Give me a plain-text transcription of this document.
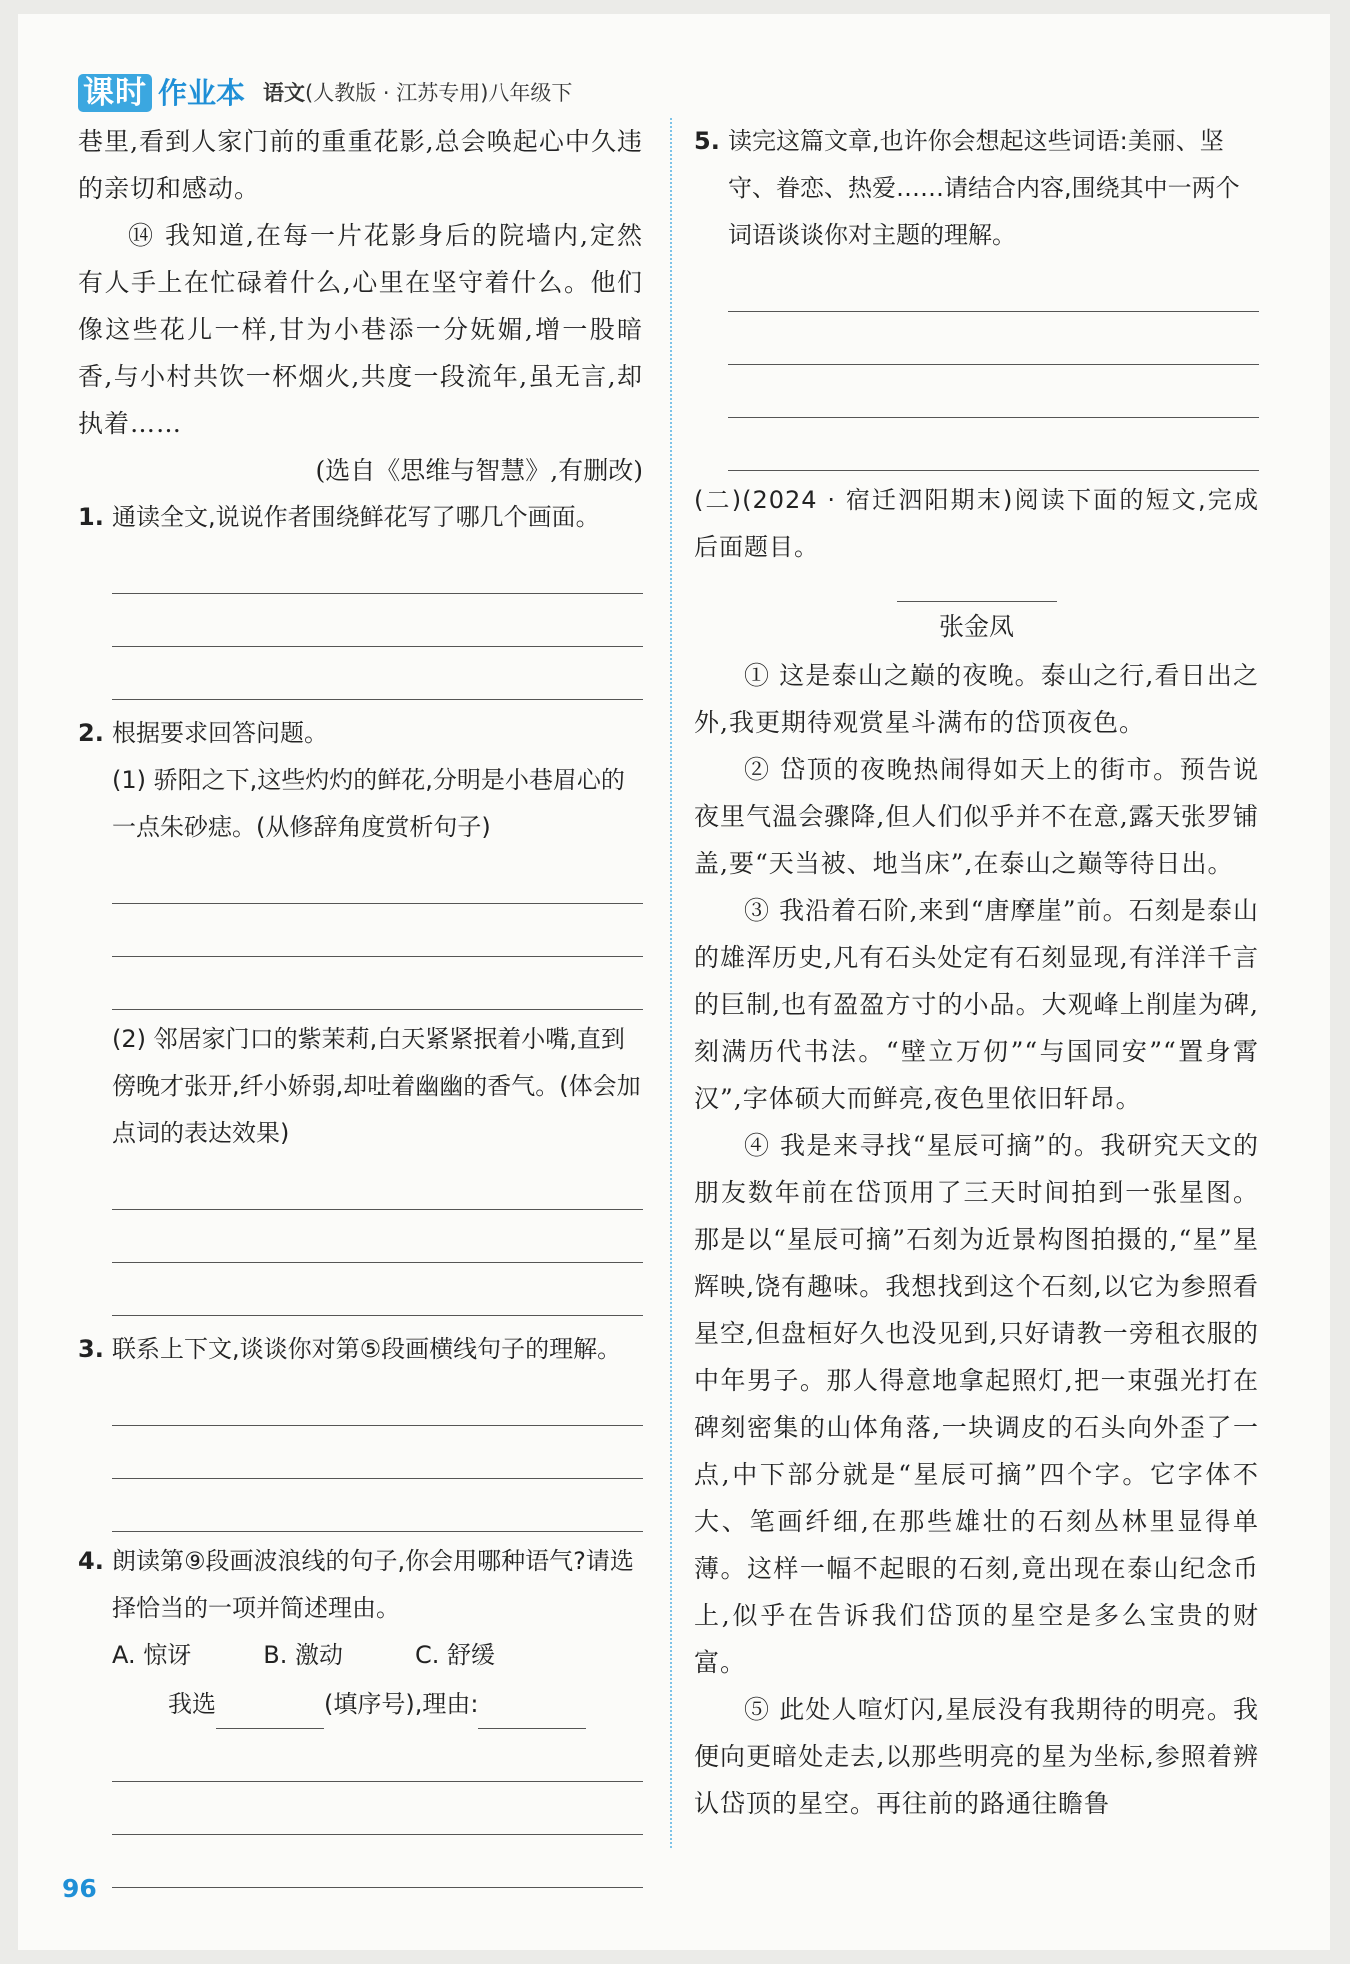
课时 作业本 语文(人教版 · 江苏专用)八年级下

巷里,看到人家门前的重重花影,总会唤起心中久违的亲切和感动。

⑭ 我知道,在每一片花影身后的院墙内,定然有人手上在忙碌着什么,心里在坚守着什么。他们像这些花儿一样,甘为小巷添一分妩媚,增一股暗香,与小村共饮一杯烟火,共度一段流年,虽无言,却执着……

(选自《思维与智慧》,有删改)

1. 通读全文,说说作者围绕鲜花写了哪几个画面。
2. 根据要求回答问题。
(1) 骄阳之下,这些灼灼的鲜花,分明是小巷眉心的一点朱砂痣。(从修辞角度赏析句子)
(2) 邻居家门口的紫茉莉,白天紧紧抿着小嘴,直到傍晚才张开,纤小娇弱,却吐着幽幽的香气。(体会加点词的表达效果)
3. 联系上下文,谈谈你对第⑤段画横线句子的理解。
4. 朗读第⑨段画波浪线的句子,你会用哪种语气?请选择恰当的一项并简述理由。
A. 惊讶	B. 激动	C. 舒缓
我选	(填序号),理由:
5. 读完这篇文章,也许你会想起这些词语:美丽、坚守、眷恋、热爱……请结合内容,围绕其中一两个词语谈谈你对主题的理解。

(二)(2024 · 宿迁泗阳期末)阅读下面的短文,完成后面题目。

张金凤

① 这是泰山之巅的夜晚。泰山之行,看日出之外,我更期待观赏星斗满布的岱顶夜色。

② 岱顶的夜晚热闹得如天上的街市。预告说夜里气温会骤降,但人们似乎并不在意,露天张罗铺盖,要“天当被、地当床”,在泰山之巅等待日出。

③ 我沿着石阶,来到“唐摩崖”前。石刻是泰山的雄浑历史,凡有石头处定有石刻显现,有洋洋千言的巨制,也有盈盈方寸的小品。大观峰上削崖为碑,刻满历代书法。“壁立万仞”“与国同安”“置身霄汉”,字体硕大而鲜亮,夜色里依旧轩昂。

④ 我是来寻找“星辰可摘”的。我研究天文的朋友数年前在岱顶用了三天时间拍到一张星图。那是以“星辰可摘”石刻为近景构图拍摄的,“星”星辉映,饶有趣味。我想找到这个石刻,以它为参照看星空,但盘桓好久也没见到,只好请教一旁租衣服的中年男子。那人得意地拿起照灯,把一束强光打在碑刻密集的山体角落,一块调皮的石头向外歪了一点,中下部分就是“星辰可摘”四个字。它字体不大、笔画纤细,在那些雄壮的石刻丛林里显得单薄。这样一幅不起眼的石刻,竟出现在泰山纪念币上,似乎在告诉我们岱顶的星空是多么宝贵的财富。

⑤ 此处人喧灯闪,星辰没有我期待的明亮。我便向更暗处走去,以那些明亮的星为坐标,参照着辨认岱顶的星空。再往前的路通往瞻鲁

96
